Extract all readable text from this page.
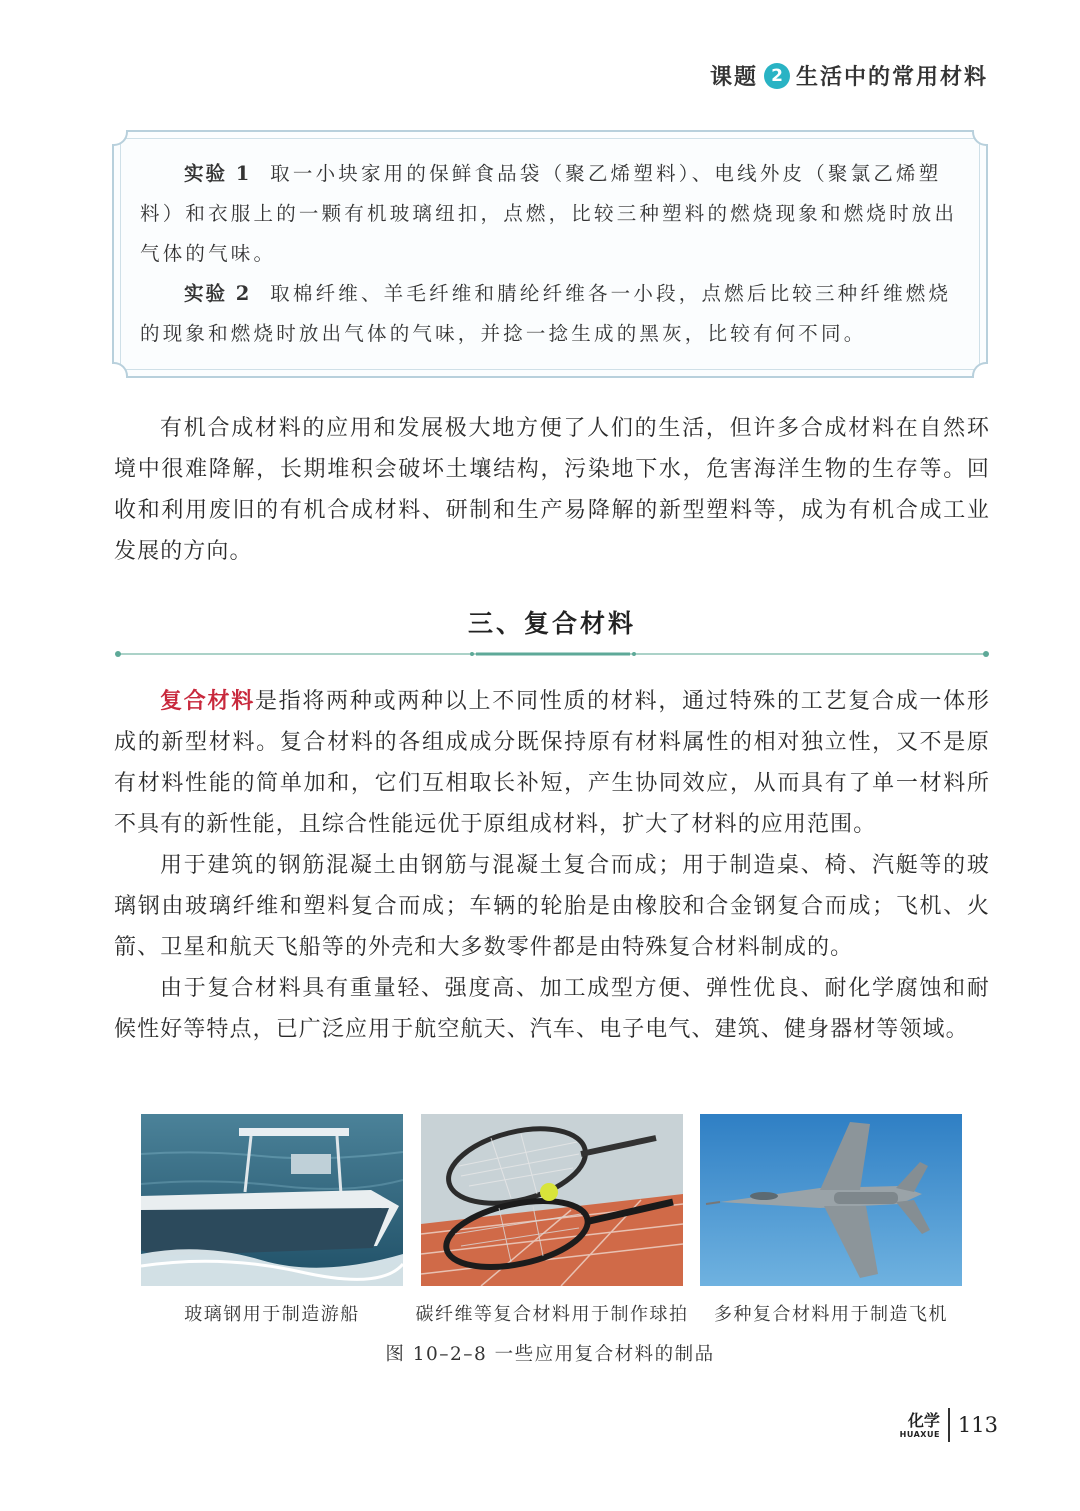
课题 2 生活中的常用材料

实验 1 取一小块家用的保鲜食品袋（聚乙烯塑料）、电线外皮（聚氯乙烯塑料）和衣服上的一颗有机玻璃纽扣，点燃，比较三种塑料的燃烧现象和燃烧时放出气体的气味。

实验 2 取棉纤维、羊毛纤维和腈纶纤维各一小段，点燃后比较三种纤维燃烧的现象和燃烧时放出气体的气味，并捻一捻生成的黑灰，比较有何不同。

有机合成材料的应用和发展极大地方便了人们的生活，但许多合成材料在自然环境中很难降解，长期堆积会破坏土壤结构，污染地下水，危害海洋生物的生存等。回收和利用废旧的有机合成材料、研制和生产易降解的新型塑料等，成为有机合成工业发展的方向。

三、复合材料

复合材料是指将两种或两种以上不同性质的材料，通过特殊的工艺复合成一体形成的新型材料。复合材料的各组成成分既保持原有材料属性的相对独立性，又不是原有材料性能的简单加和，它们互相取长补短，产生协同效应，从而具有了单一材料所不具有的新性能，且综合性能远优于原组成材料，扩大了材料的应用范围。

用于建筑的钢筋混凝土由钢筋与混凝土复合而成；用于制造桌、椅、汽艇等的玻璃钢由玻璃纤维和塑料复合而成；车辆的轮胎是由橡胶和合金钢复合而成；飞机、火箭、卫星和航天飞船等的外壳和大多数零件都是由特殊复合材料制成的。

由于复合材料具有重量轻、强度高、加工成型方便、弹性优良、耐化学腐蚀和耐候性好等特点，已广泛应用于航空航天、汽车、电子电气、建筑、健身器材等领域。

玻璃钢用于制造游船	碳纤维等复合材料用于制作球拍	多种复合材料用于制造飞机
图 10–2–8 一些应用复合材料的制品
化学
HUAXUE 113
